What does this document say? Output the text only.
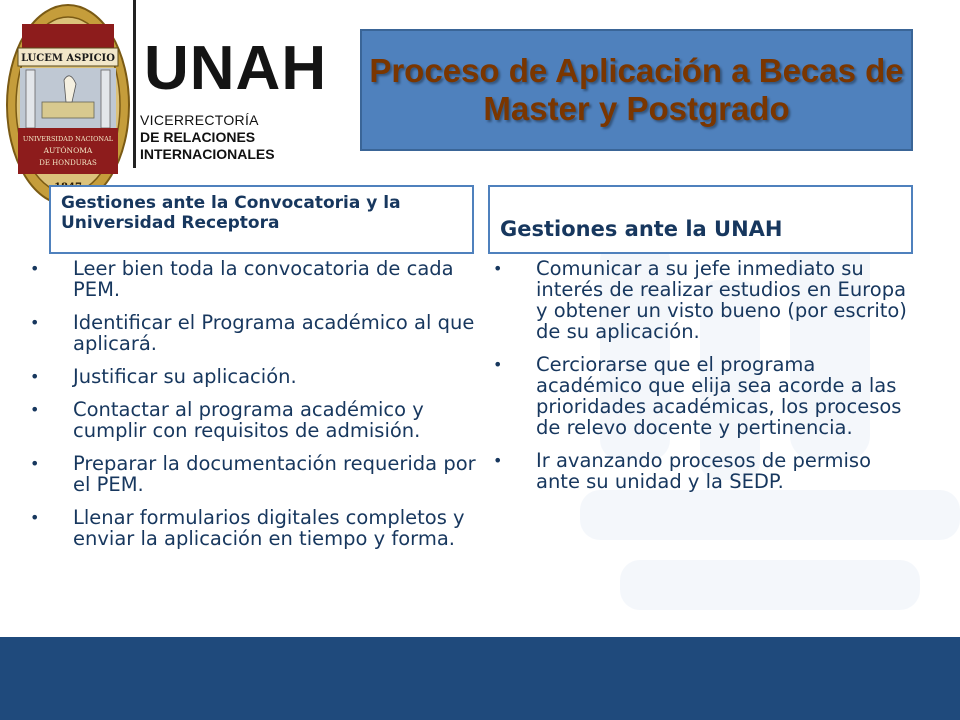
LUCEM ASPICIO
UNIVERSIDAD NACIONAL
AUTÓNOMA
DE HONDURAS
UNAH
VICERRECTORÍA
DE RELACIONES
INTERNACIONALES
Proceso de Aplicación a Becas de Master y Postgrado
Gestiones ante la Convocatoria y la Universidad Receptora	Gestiones ante la UNAH
• Leer bien toda la convocatoria de cada PEM.
• Identificar el Programa académico al que aplicará.
• Justificar su aplicación.
• Contactar al programa académico y cumplir con requisitos de admisión.
• Preparar la documentación requerida por el PEM.
• Llenar formularios digitales completos y enviar la aplicación en tiempo y forma.
• Comunicar a su jefe inmediato su interés de realizar estudios en Europa y obtener un visto bueno (por escrito) de su aplicación.
• Cerciorarse que el programa académico que elija sea acorde a las prioridades académicas, los procesos de relevo docente y pertinencia.
• Ir avanzando procesos de permiso ante su unidad y la SEDP.
